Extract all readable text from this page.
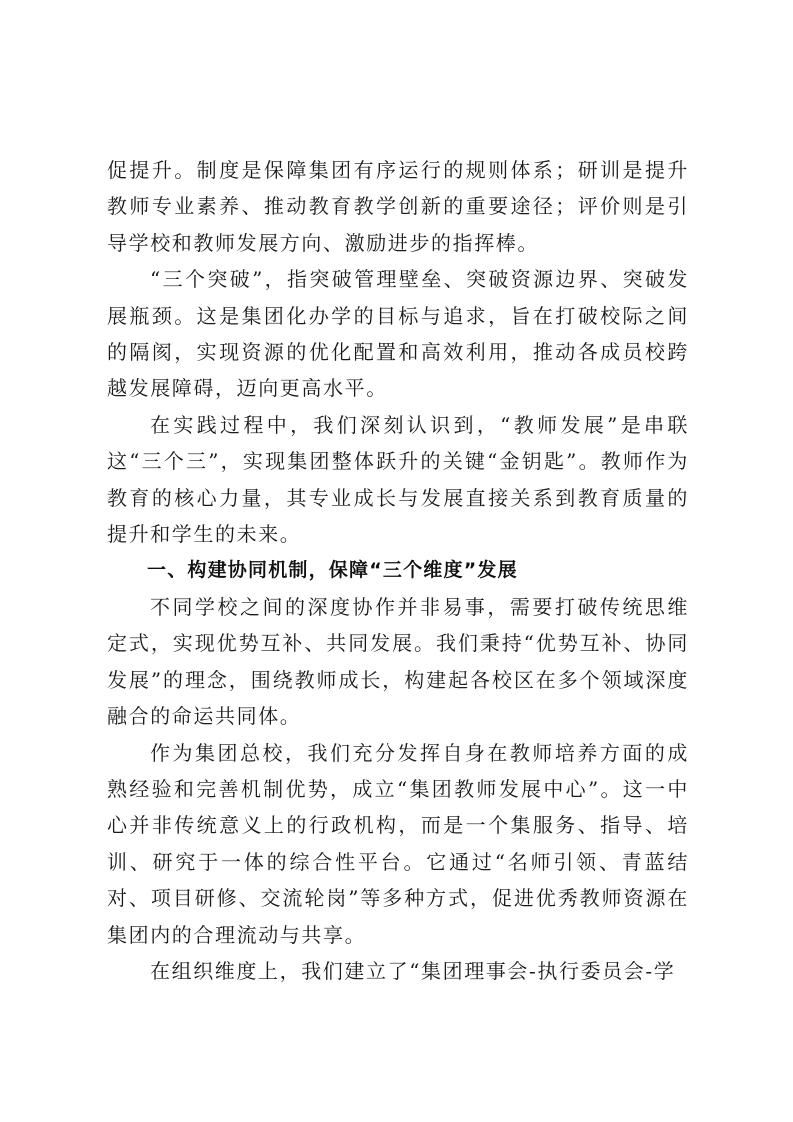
促提升。制度是保障集团有序运行的规则体系；研训是提升教师专业素养、推动教育教学创新的重要途径；评价则是引导学校和教师发展方向、激励进步的指挥棒。

“三个突破”，指突破管理壁垒、突破资源边界、突破发展瓶颈。这是集团化办学的目标与追求，旨在打破校际之间的隔阂，实现资源的优化配置和高效利用，推动各成员校跨越发展障碍，迈向更高水平。

在实践过程中，我们深刻认识到，“教师发展”是串联这“三个三”，实现集团整体跃升的关键“金钥匙”。教师作为教育的核心力量，其专业成长与发展直接关系到教育质量的提升和学生的未来。

一、构建协同机制，保障“三个维度”发展

不同学校之间的深度协作并非易事，需要打破传统思维定式，实现优势互补、共同发展。我们秉持“优势互补、协同发展”的理念，围绕教师成长，构建起各校区在多个领域深度融合的命运共同体。

作为集团总校，我们充分发挥自身在教师培养方面的成熟经验和完善机制优势，成立“集团教师发展中心”。这一中心并非传统意义上的行政机构，而是一个集服务、指导、培训、研究于一体的综合性平台。它通过“名师引领、青蓝结对、项目研修、交流轮岗”等多种方式，促进优秀教师资源在集团内的合理流动与共享。

在组织维度上，我们建立了“集团理事会-执行委员会-学
